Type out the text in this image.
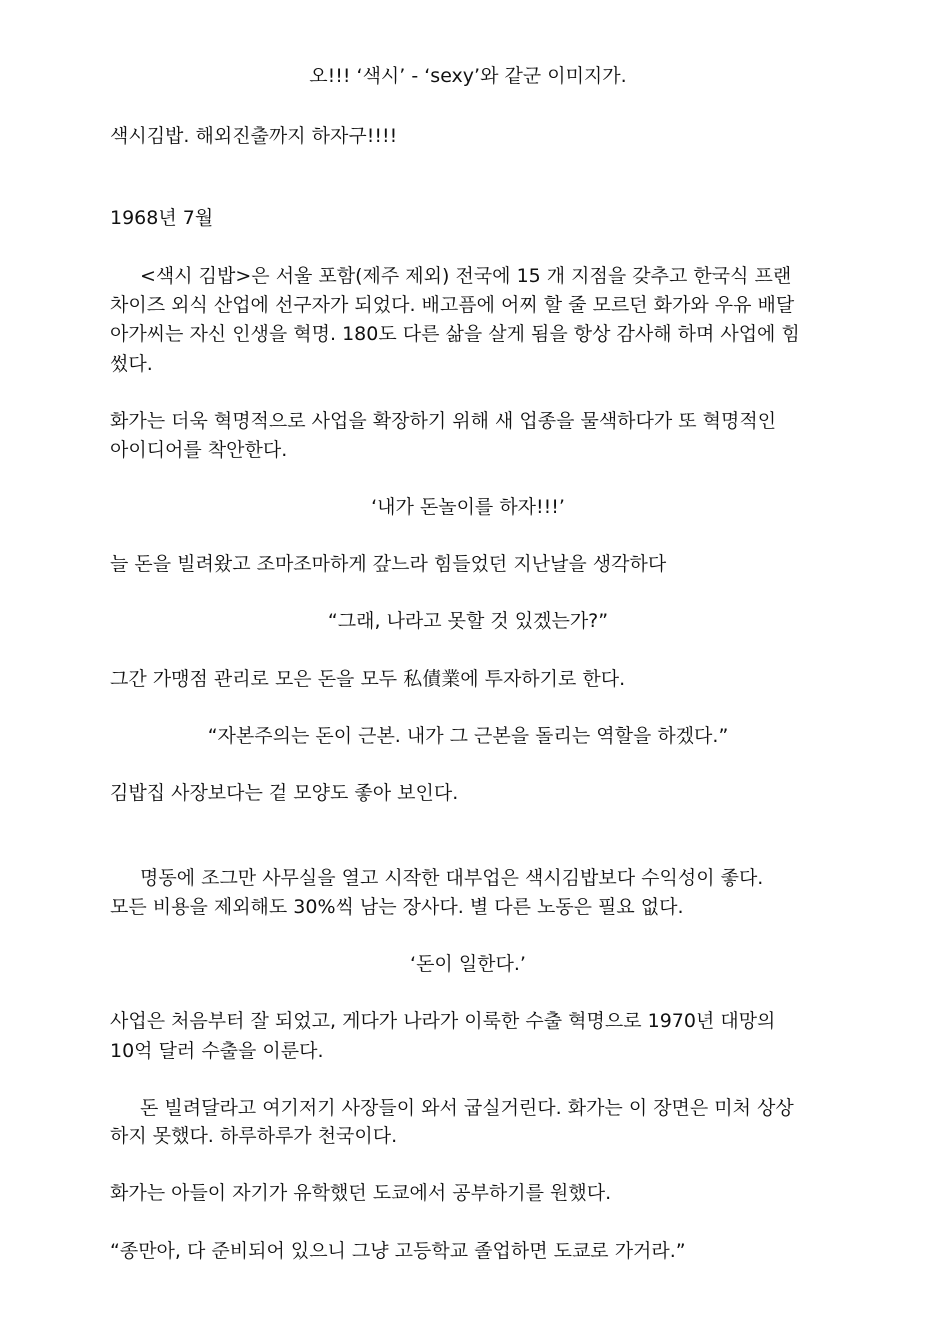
오!!! ‘색시’ - ‘sexy’와 같군 이미지가.
색시김밥. 해외진출까지 하자구!!!!
1968년 7월
<색시 김밥>은 서울 포함(제주 제외) 전국에 15 개 지점을 갖추고 한국식 프랜
차이즈 외식 산업에 선구자가 되었다. 배고픔에 어찌 할 줄 모르던 화가와 우유 배달
아가씨는 자신 인생을 혁명. 180도 다른 삶을 살게 됨을 항상 감사해 하며 사업에 힘
썼다.
화가는 더욱 혁명적으로 사업을 확장하기 위해 새 업종을 물색하다가 또 혁명적인
아이디어를 착안한다.
‘내가 돈놀이를 하자!!!’
늘 돈을 빌려왔고 조마조마하게 갚느라 힘들었던 지난날을 생각하다
“그래, 나라고 못할 것 있겠는가?”
그간 가맹점 관리로 모은 돈을 모두 私債業에 투자하기로 한다.
“자본주의는 돈이 근본. 내가 그 근본을 돌리는 역할을 하겠다.”
김밥집 사장보다는 겉 모양도 좋아 보인다.
명동에 조그만 사무실을 열고 시작한 대부업은 색시김밥보다 수익성이 좋다.
모든 비용을 제외해도 30%씩 남는 장사다. 별 다른 노동은 필요 없다.
‘돈이 일한다.’
사업은 처음부터 잘 되었고, 게다가 나라가 이룩한 수출 혁명으로 1970년 대망의
10억 달러 수출을 이룬다.
돈 빌려달라고 여기저기 사장들이 와서 굽실거린다. 화가는 이 장면은 미처 상상
하지 못했다. 하루하루가 천국이다.
화가는 아들이 자기가 유학했던 도쿄에서 공부하기를 원했다.
“종만아, 다 준비되어 있으니 그냥 고등학교 졸업하면 도쿄로 가거라.”
